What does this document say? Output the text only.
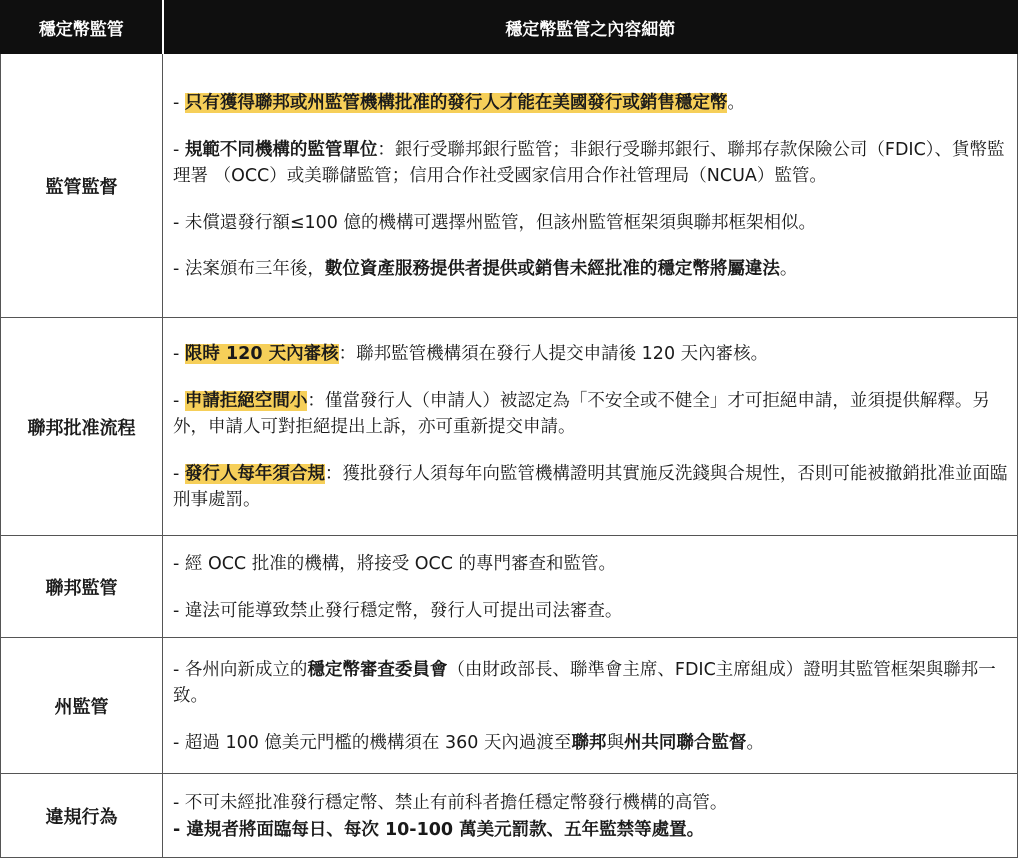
穩定幣監管	穩定幣監管之內容細節
監管監督	- 只有獲得聯邦或州監管機構批准的發行人才能在美國發行或銷售穩定幣。
- 規範不同機構的監管單位：銀行受聯邦銀行監管；非銀行受聯邦銀行、聯邦存款保險公司（FDIC）、貨幣監理署 （OCC）或美聯儲監管；信用合作社受國家信用合作社管理局（NCUA）監管。
- 未償還發行額≤100 億的機構可選擇州監管，但該州監管框架須與聯邦框架相似。
- 法案頒布三年後，數位資產服務提供者提供或銷售未經批准的穩定幣將屬違法。

聯邦批准流程	- 限時 120 天內審核：聯邦監管機構須在發行人提交申請後 120 天內審核。
- 申請拒絕空間小：僅當發行人（申請人）被認定為「不安全或不健全」才可拒絕申請，並須提供解釋。另外，申請人可對拒絕提出上訴，亦可重新提交申請。
- 發行人每年須合規：獲批發行人須每年向監管機構證明其實施反洗錢與合規性，否則可能被撤銷批准並面臨刑事處罰。

聯邦監管	- 經 OCC 批准的機構，將接受 OCC 的專門審查和監管。
- 違法可能導致禁止發行穩定幣，發行人可提出司法審查。

州監管	- 各州向新成立的穩定幣審查委員會（由財政部長、聯準會主席、FDIC主席組成）證明其監管框架與聯邦一致。
- 超過 100 億美元門檻的機構須在 360 天內過渡至聯邦與州共同聯合監督。

違規行為	- 不可未經批准發行穩定幣、禁止有前科者擔任穩定幣發行機構的高管。
- 違規者將面臨每日、每次 10-100 萬美元罰款、五年監禁等處置。
